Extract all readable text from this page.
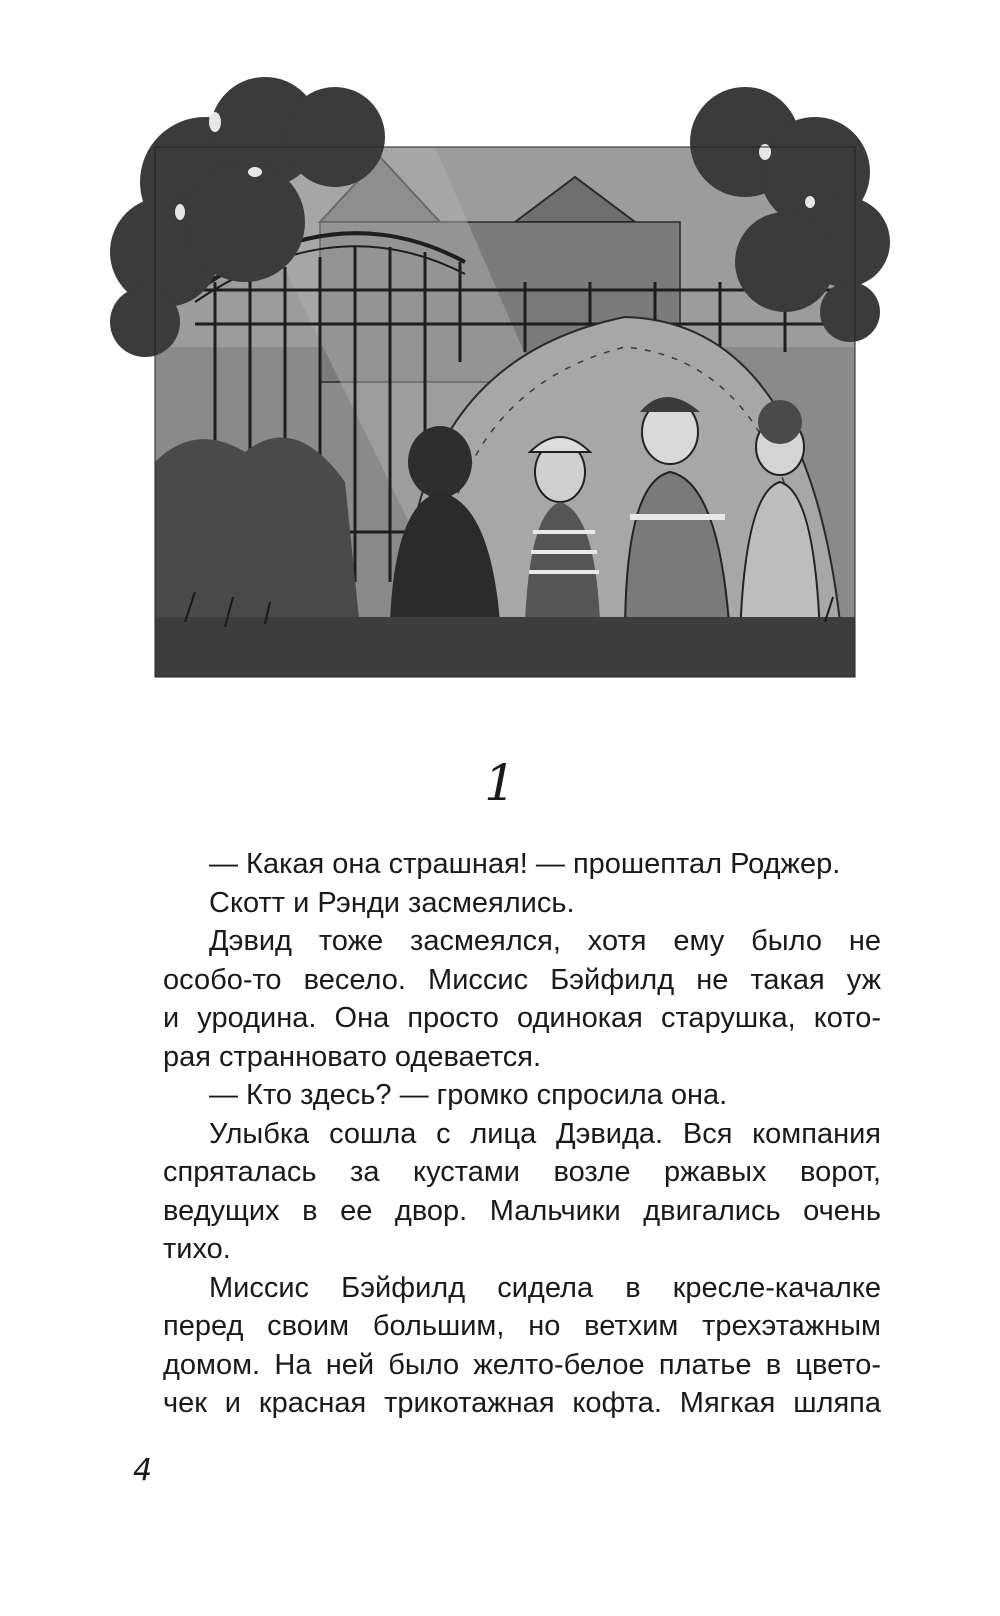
1

— Какая она страшная! — прошептал Роджер.

Скотт и Рэнди засмеялись.

Дэвид тоже засмеялся, хотя ему было не
особо-то весело. Миссис Бэйфилд не такая уж
и уродина. Она просто одинокая старушка, кото-
рая странновато одевается.

— Кто здесь? — громко спросила она.

Улыбка сошла с лица Дэвида. Вся компания
спряталась за кустами возле ржавых ворот,
ведущих в ее двор. Мальчики двигались очень
тихо.

Миссис Бэйфилд сидела в кресле-качалке
перед своим большим, но ветхим трехэтажным
домом. На ней было желто-белое платье в цвето-
чек и красная трикотажная кофта. Мягкая шляпа

4
